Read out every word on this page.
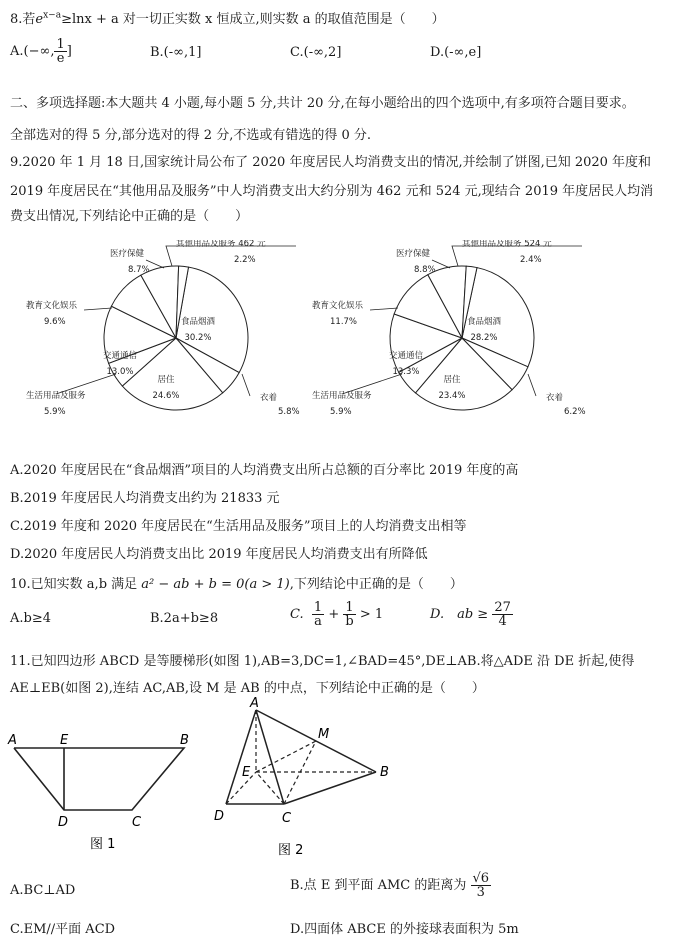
8.若$e^{x-a}\ge\ln x + a$ 对一切正实数 x 恒成立,则实数 a 的取值范围是（　　）
A.(−∞, $\frac{1}{e}$ ]	B.(-∞,1]	C.(-∞,2]	D.(-∞,e]
二、多项选择题:本大题共 4 小题,每小题 5 分,共计 20 分,在每小题给出的四个选项中,有多项符合题目要求。
全部选对的得 5 分,部分选对的得 2 分,不选或有错选的得 0 分.
9.2020 年 1 月 18 日,国家统计局公布了 2020 年度居民人均消费支出的情况,并绘制了饼图,已知 2020 年度和
2019 年度居民在“其他用品及服务”中人均消费支出大约分别为 462 元和 524 元,现结合 2019 年度居民人均消
费支出情况,下列结论中正确的是（　　）
食品烟酒
30.2%
衣着
5.8%
居住
24.6%
生活用品及服务
5.9%
交通通信
13.0%
教育文化娱乐
9.6%
医疗保健
8.7%
其他用品及服务 462 元
2.2%
食品烟酒
28.2%
衣着
6.2%
居住
23.4%
生活用品及服务
5.9%
交通通信
13.3%
教育文化娱乐
11.7%
医疗保健
8.8%
其他用品及服务 524 元
2.4%
A.2020 年度居民在“食品烟酒”项目的人均消费支出所占总额的百分率比 2019 年度的高
B.2019 年度居民人均消费支出约为 21833 元
C.2019 年度和 2020 年度居民在“生活用品及服务”项目上的人均消费支出相等
D.2020 年度居民人均消费支出比 2019 年度居民人均消费支出有所降低
10.已知实数 a,b 满足 a² − ab + b = 0(a > 1),下列结论中正确的是（　　）
A.b≥4	B.2a+b≥8	C. $\frac{1}{a} + \frac{1}{b} > 1$	D.　ab ≥ $\frac{27}{4}$
11.已知四边形 ABCD 是等腰梯形(如图 1),AB=3,DC=1,∠BAD=45°,DE⊥AB.将△ADE 沿 DE 折起,使得
AE⊥EB(如图 2),连结 AC,AB,设 M 是 AB 的中点，下列结论中正确的是（　　）
A	E	B
D	C
图 1
A
M
E	B
D	C
图 2
A.BC⊥AD	B.点 E 到平面 AMC 的距离为 $\frac{√6}{3}$
C.EM//平面 ACD	D.四面体 ABCE 的外接球表面积为 5m
